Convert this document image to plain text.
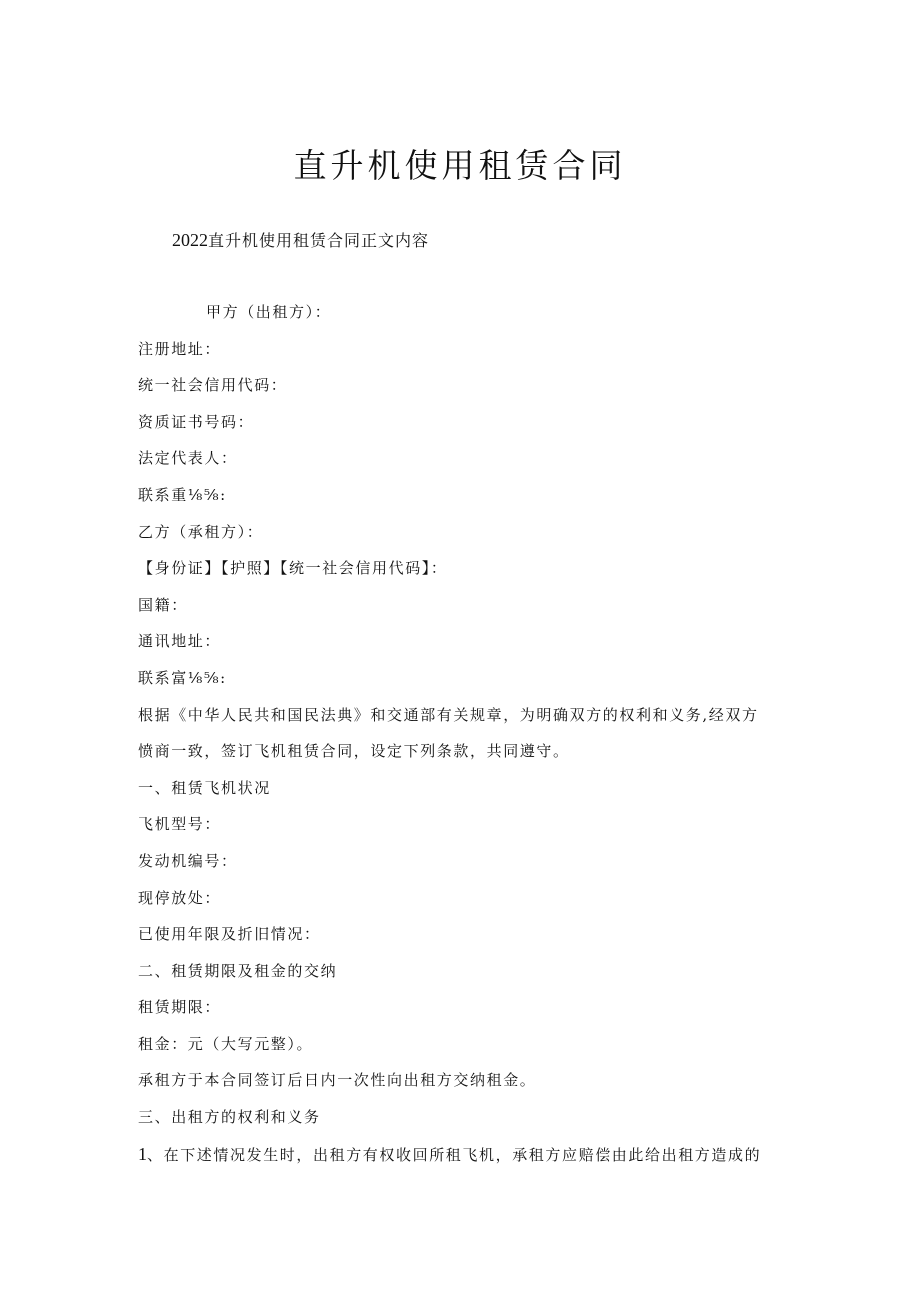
直升机使用租赁合同

2022直升机使用租赁合同正文内容

甲方（出租方）：
注册地址：
统一社会信用代码：
资质证书号码：
法定代表人：
联系重⅛⅝:
乙方（承租方）：
【身份证】【护照】【统一社会信用代码】：
国籍：
通讯地址：
联系富⅛⅝:
根据《中华人民共和国民法典》和交通部有关规章，为明确双方的权利和义务,经双方
愤商一致，签订飞机租赁合同，设定下列条款，共同遵守。
一、租赁飞机状况
飞机型号：
发动机编号：
现停放处：
已使用年限及折旧情况：
二、租赁期限及租金的交纳
租赁期限：
租金：元（大写元整）。
承租方于本合同签订后日内一次性向出租方交纳租金。
三、出租方的权利和义务
1、在下述情况发生时，出租方有权收回所租飞机，承租方应赔偿由此给出租方造成的
